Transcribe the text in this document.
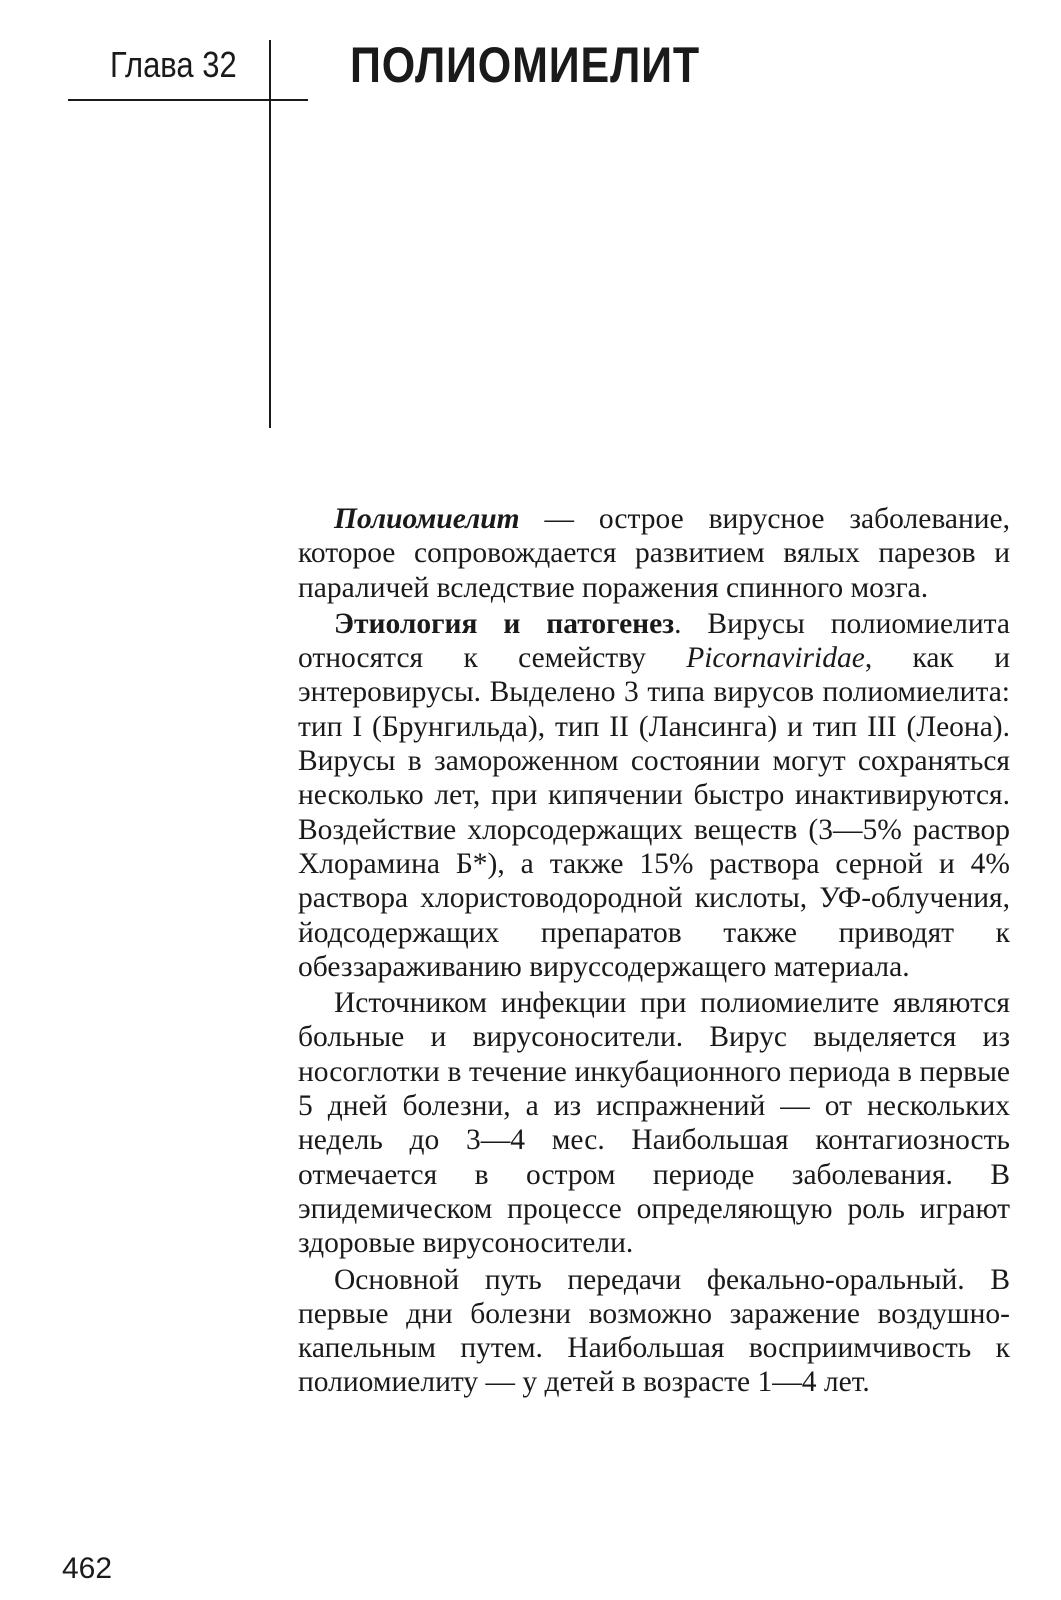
Глава 32 ПОЛИОМИЕЛИТ

Полиомиелит — острое вирусное заболевание, которое сопровождается развитием вялых парезов и параличей вследствие поражения спинного мозга.

Этиология и патогенез. Вирусы полиомиелита относятся к семейству Picornaviridae, как и энтеровирусы. Выделено 3 типа вирусов полиомиелита: тип I (Брунгильда), тип II (Лансинга) и тип III (Леона). Вирусы в замороженном состоянии могут сохраняться несколько лет, при кипячении быстро инактивируются. Воздействие хлорсодержащих веществ (3—5% раствор Хлорамина Б*), а также 15% раствора серной и 4% раствора хлористоводородной кислоты, УФ-облучения, йодсодержащих препаратов также приводят к обеззараживанию вируссодержащего материала.

Источником инфекции при полиомиелите являются больные и вирусоносители. Вирус выделяется из носоглотки в течение инкубационного периода в первые 5 дней болезни, а из испражнений — от нескольких недель до 3—4 мес. Наибольшая контагиозность отмечается в остром периоде заболевания. В эпидемическом процессе определяющую роль играют здоровые вирусоносители.

Основной путь передачи фекально-оральный. В первые дни болезни возможно заражение воздушно-капельным путем. Наибольшая восприимчивость к полиомиелиту — у детей в возрасте 1—4 лет.

462
